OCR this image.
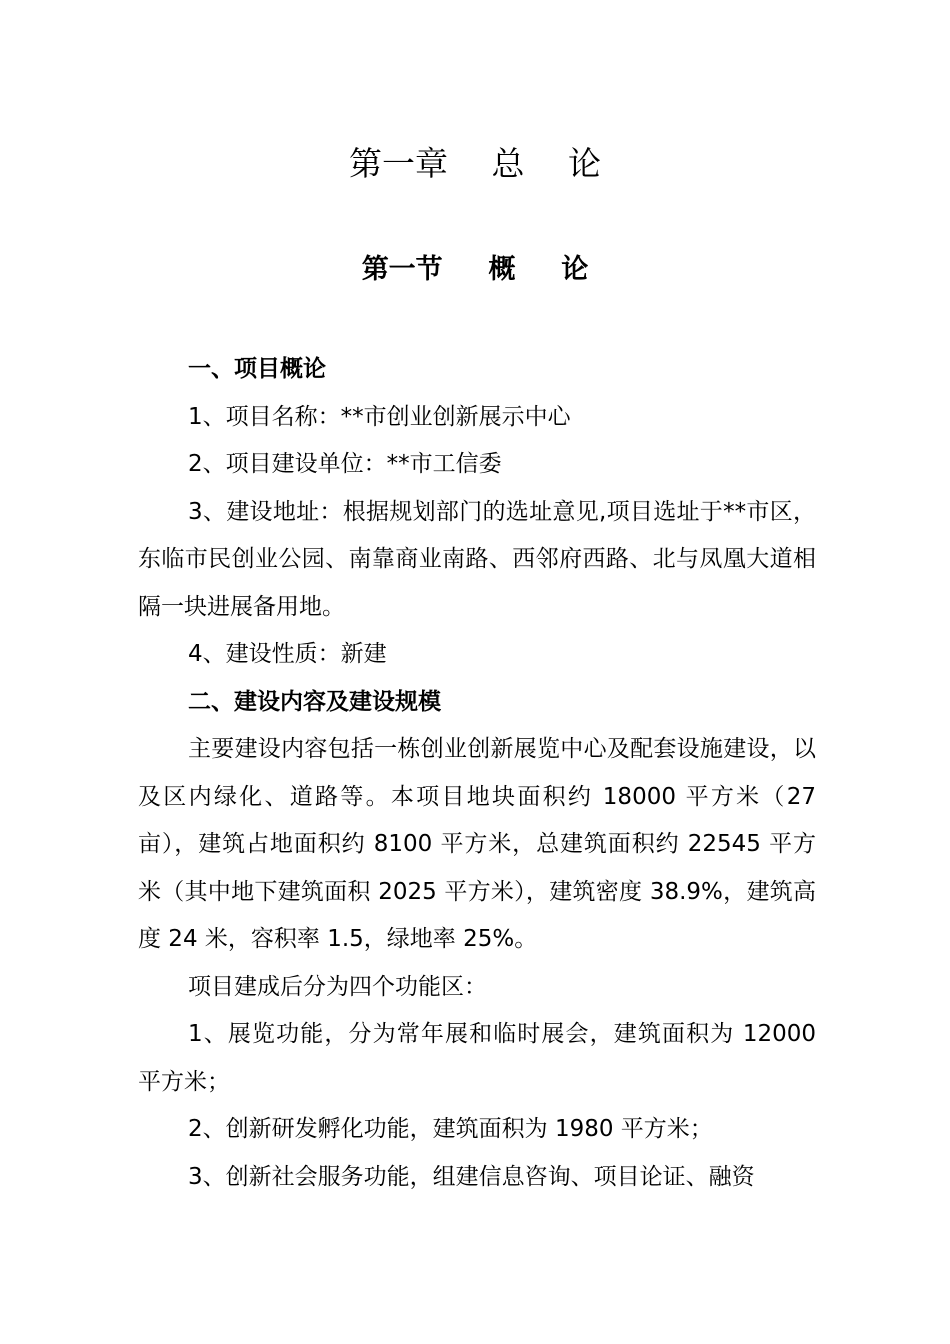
第一章　 总　 论
第一节　  概　  论

一、项目概论

1、项目名称：**市创业创新展示中心

2、项目建设单位：**市工信委

3、建设地址：根据规划部门的选址意见,项目选址于**市区，东临市民创业公园、南靠商业南路、西邻府西路、北与凤凰大道相隔一块进展备用地。

4、建设性质：新建

二、建设内容及建设规模

主要建设内容包括一栋创业创新展览中心及配套设施建设，以及区内绿化、道路等。本项目地块面积约 18000 平方米（27 亩），建筑占地面积约 8100 平方米，总建筑面积约 22545 平方米（其中地下建筑面积 2025 平方米），建筑密度 38.9%，建筑高度 24 米，容积率 1.5，绿地率 25%。

项目建成后分为四个功能区：

1、展览功能，分为常年展和临时展会，建筑面积为 12000 平方米；

2、创新研发孵化功能，建筑面积为 1980 平方米；

3、创新社会服务功能，组建信息咨询、项目论证、融资
